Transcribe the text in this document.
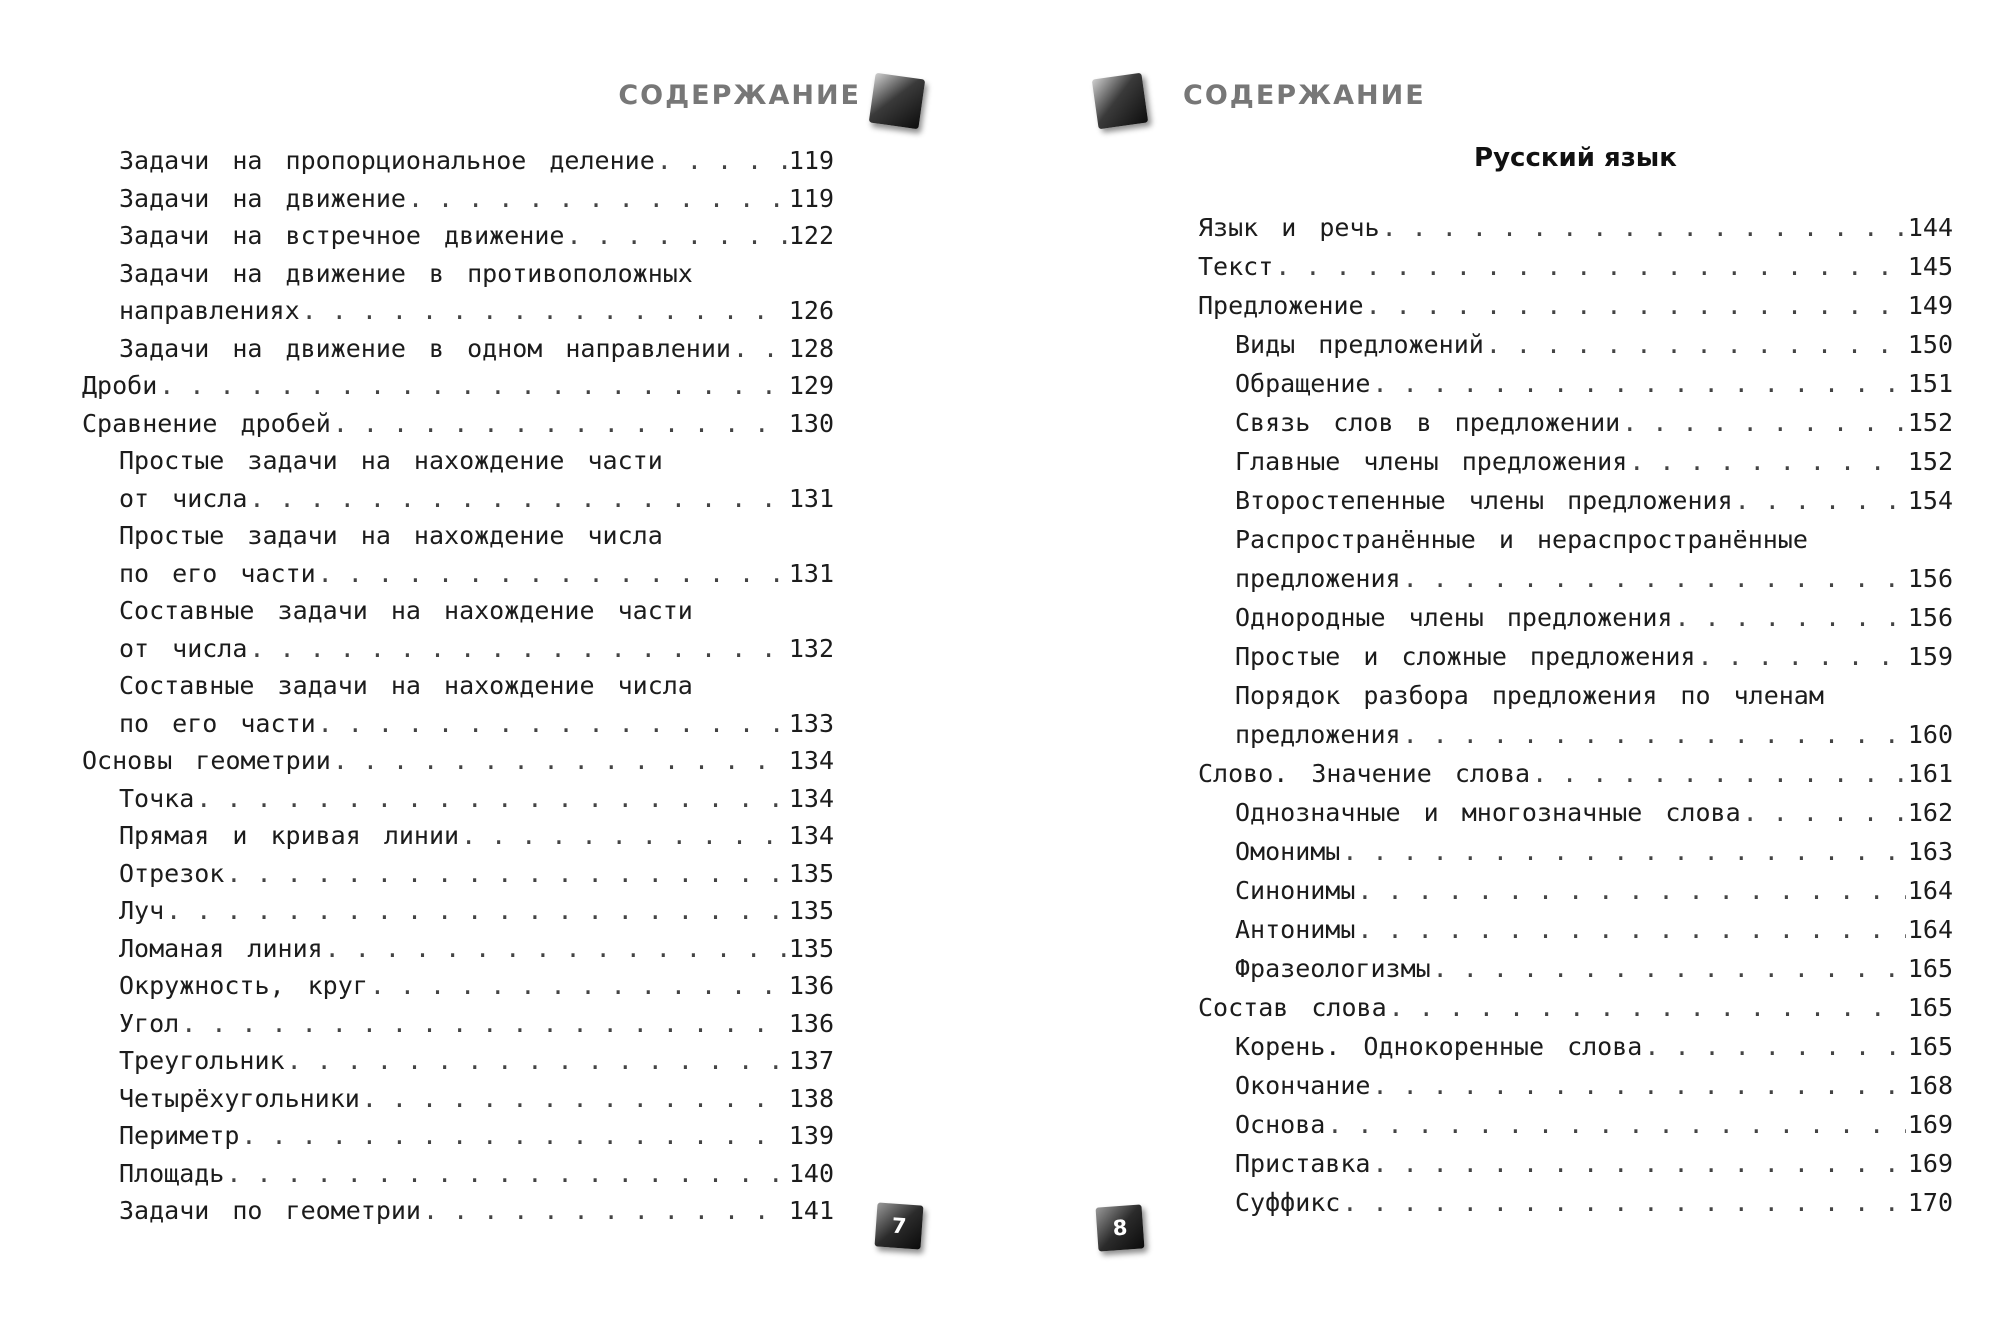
СОДЕРЖАНИЕ
Задачи на пропорциональное деление . . .	119
Задачи на движение . . .	119
Задачи на встречное движение . . .	122
Задачи на движение в противоположных
направлениях . . .	126
Задачи на движение в одном направлении . . . 128
Дроби . . .	129
Сравнение дробей . . .	130
Простые задачи на нахождение части
от числа . . .	131
Простые задачи на нахождение числа
по его части . . .	131
Составные задачи на нахождение части
от числа . . .	132
Составные задачи на нахождение числа
по его части . . .	133
Основы геометрии . . .	134
Точка . . .	134
Прямая и кривая линии . . .	134
Отрезок . . .	135
Луч . . .	135
Ломаная линия . . .	135
Окружность, круг . . .	136
Угол . . .	136
Треугольник . . .	137
Четырёхугольники . . .	138
Периметр . . .	139
Площадь . . .	140
Задачи по геометрии . . .	141
7
СОДЕРЖАНИЕ
Русский язык
Язык и речь . . .	144
Текст . . .	145
Предложение . . .	149
Виды предложений . . .	150
Обращение . . .	151
Связь слов в предложении . . .	152
Главные члены предложения . . .	152
Второстепенные члены предложения . . .	154
Распространённые и нераспространённые
предложения . . .	156
Однородные члены предложения . . .	156
Простые и сложные предложения . . .	159
Порядок разбора предложения по членам
предложения . . .	160
Слово. Значение слова . . .	161
Однозначные и многозначные слова . . .	162
Омонимы . . .	163
Синонимы . . .	164
Антонимы . . .	164
Фразеологизмы . . .	165
Состав слова . . .	165
Корень. Однокоренные слова . . .	165
Окончание . . .	168
Основа . . .	169
Приставка . . .	169
Суффикс . . .	170
8
